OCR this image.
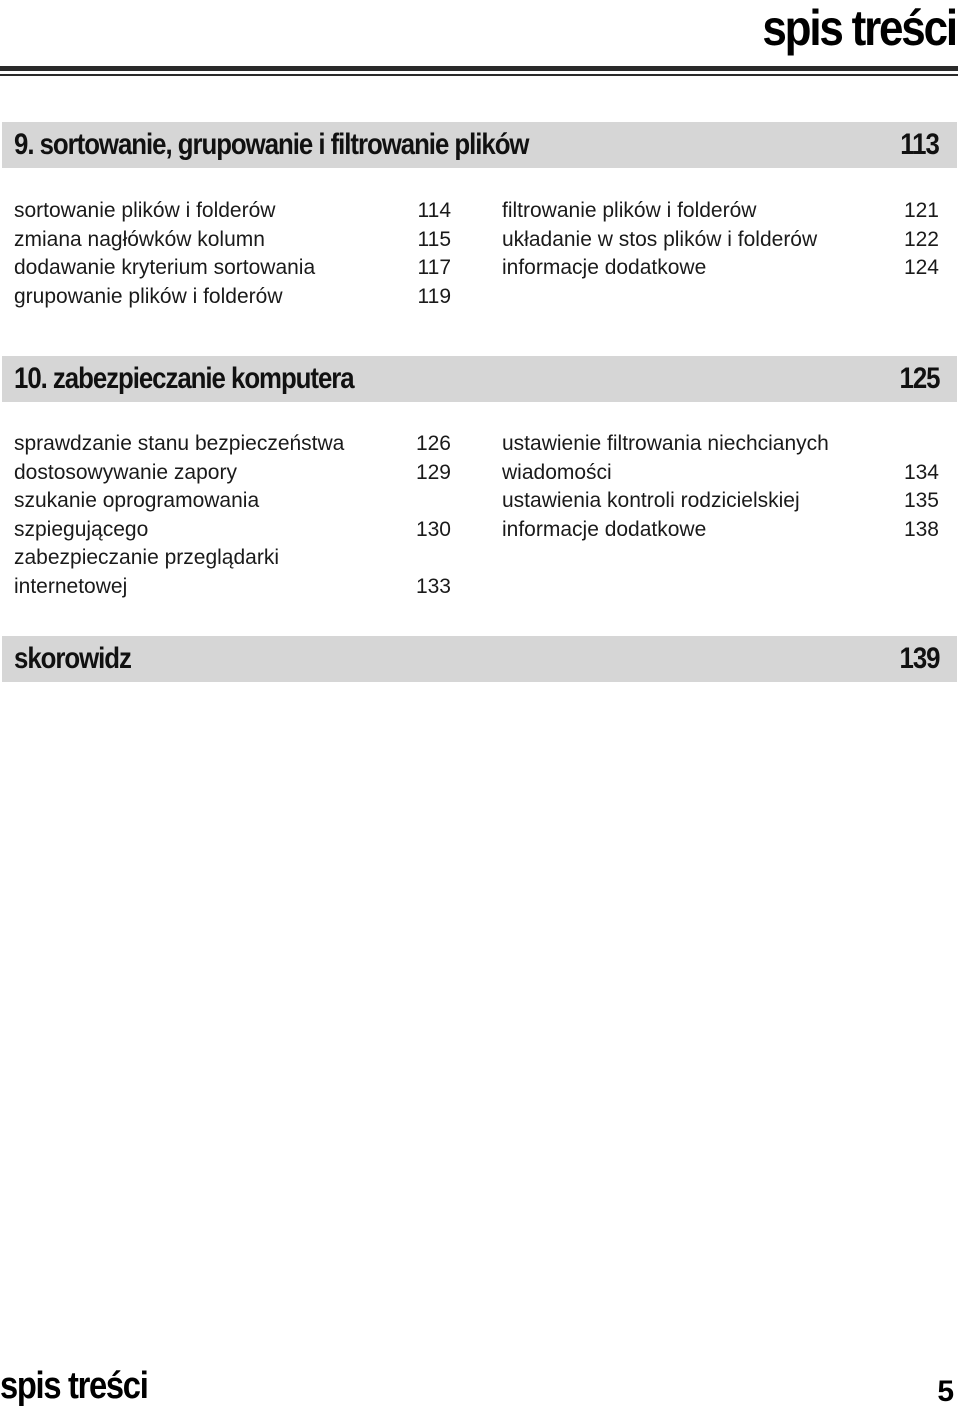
spis treści
9. sortowanie, grupowanie i filtrowanie plików	113
sortowanie plików i folderów	114
zmiana nagłówków kolumn	115
dodawanie kryterium sortowania	117
grupowanie plików i folderów	119
filtrowanie plików i folderów	121
układanie w stos plików i folderów	122
informacje dodatkowe	124
10. zabezpieczanie komputera	125
sprawdzanie stanu bezpieczeństwa	126
dostosowywanie zapory	129
szukanie oprogramowania szpiegującego	130
zabezpieczanie przeglądarki internetowej	133
ustawienie filtrowania niechcianych wiadomości	134
ustawienia kontroli rodzicielskiej	135
informacje dodatkowe	138
skorowidz	139
spis treści	5
